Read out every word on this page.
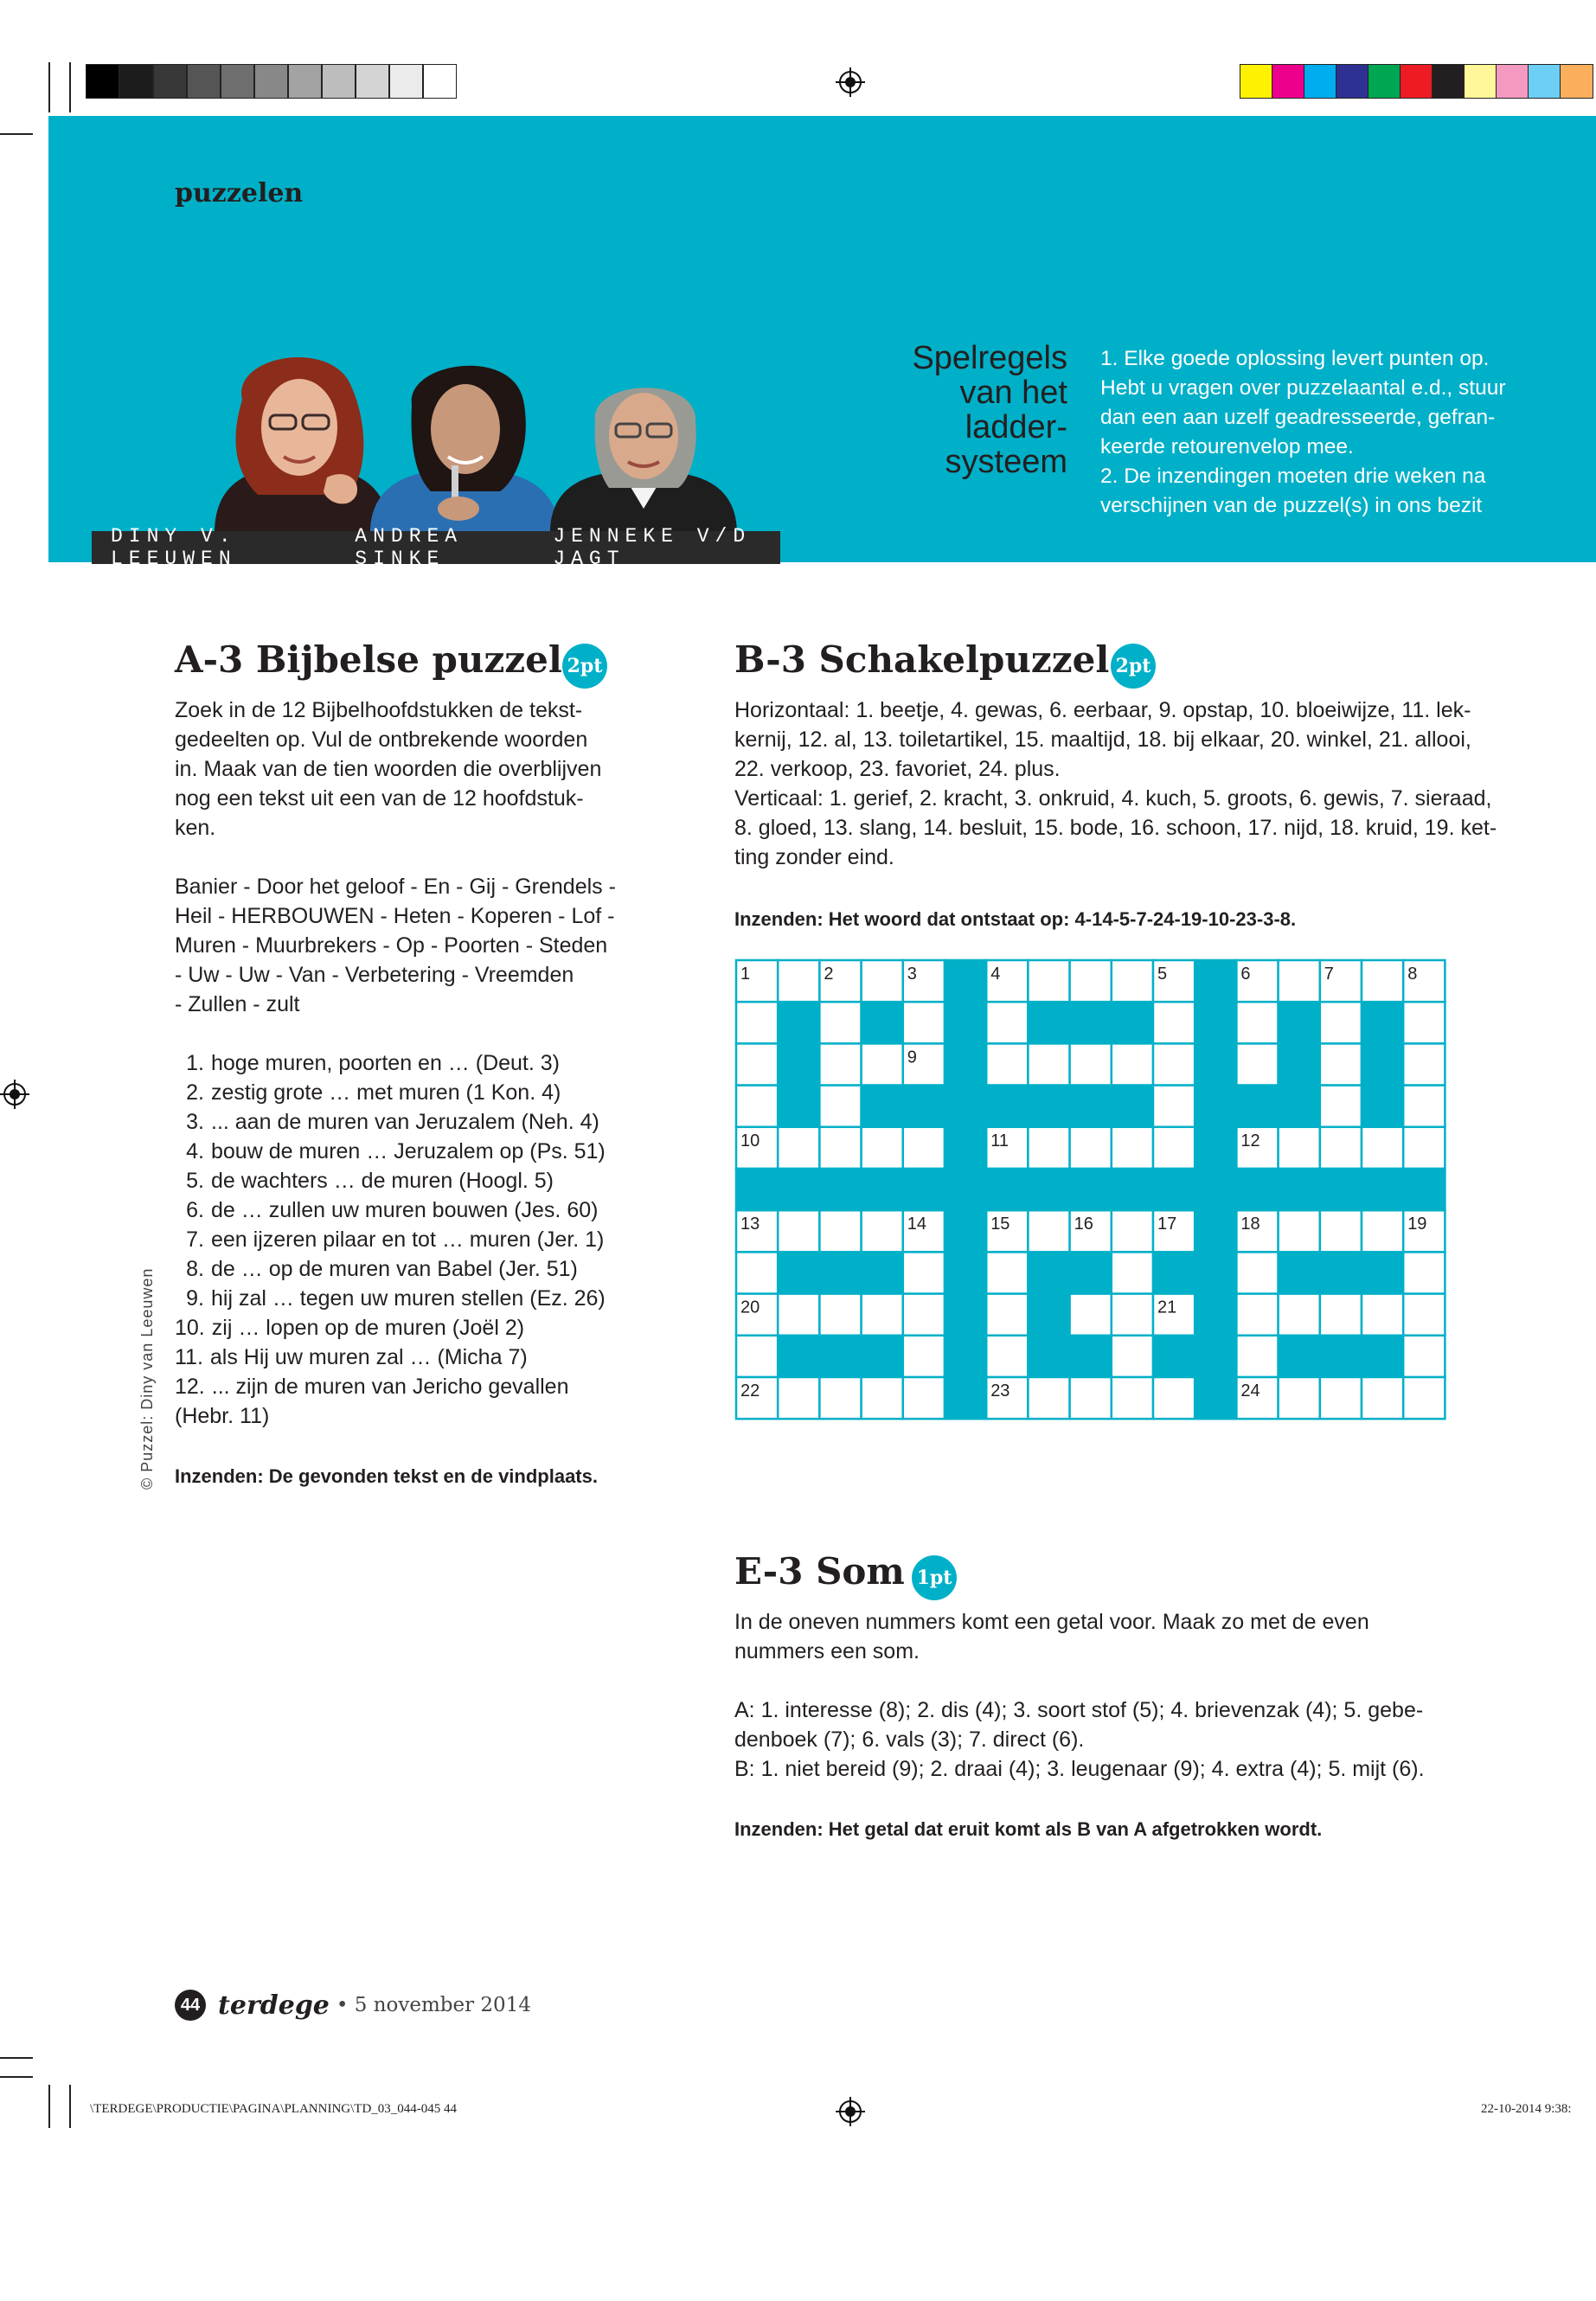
puzzelen
DINY V. LEEUWEN
ANDREA SINKE
JENNEKE V/D JAGT
Spelregels
van het
ladder-
systeem
1. Elke goede oplossing levert punten op.
Hebt u vragen over puzzelaantal e.d., stuur
dan een aan uzelf geadresseerde, gefran-
keerde retourenvelop mee.
2. De inzendingen moeten drie weken na
verschijnen van de puzzel(s) in ons bezit
A-3 Bijbelse puzzel 2pt
Zoek in de 12 Bijbelhoofdstukken de tekst-
gedeelten op. Vul de ontbrekende woorden
in. Maak van de tien woorden die overblijven
nog een tekst uit een van de 12 hoofdstuk-
ken.
Banier - Door het geloof - En - Gij - Grendels -
Heil - HERBOUWEN - Heten - Koperen - Lof -
Muren - Muurbrekers - Op - Poorten - Steden
- Uw - Uw - Van - Verbetering - Vreemden
- Zullen - zult
1. hoge muren, poorten en … (Deut. 3)
2. zestig grote … met muren (1 Kon. 4)
3. ... aan de muren van Jeruzalem (Neh. 4)
4. bouw de muren … Jeruzalem op (Ps. 51)
5. de wachters … de muren (Hoogl. 5)
6. de … zullen uw muren bouwen (Jes. 60)
7. een ijzeren pilaar en tot … muren (Jer. 1)
8. de … op de muren van Babel (Jer. 51)
9. hij zal … tegen uw muren stellen (Ez. 26)
10. zij … lopen op de muren (Joël 2)
11. als Hij uw muren zal … (Micha 7)
12. ... zijn de muren van Jericho gevallen
(Hebr. 11)
Inzenden: De gevonden tekst en de vindplaats.
© Puzzel: Diny van Leeuwen
B-3 Schakelpuzzel 2pt
Horizontaal: 1. beetje, 4. gewas, 6. eerbaar, 9. opstap, 10. bloeiwijze, 11. lek-
kernij, 12. al, 13. toiletartikel, 15. maaltijd, 18. bij elkaar, 20. winkel, 21. allooi,
22. verkoop, 23. favoriet, 24. plus.
Verticaal: 1. gerief, 2. kracht, 3. onkruid, 4. kuch, 5. groots, 6. gewis, 7. sieraad,
8. gloed, 13. slang, 14. besluit, 15. bode, 16. schoon, 17. nijd, 18. kruid, 19. ket-
ting zonder eind.
Inzenden: Het woord dat ontstaat op: 4-14-5-7-24-19-10-23-3-8.
1	2	3	4	5	6	7	8
9
10	11	12
13	14	15	16	17	18	19
20	21
22	23	24
E-3 Som 1pt
In de oneven nummers komt een getal voor. Maak zo met de even
nummers een som.
A: 1. interesse (8); 2. dis (4); 3. soort stof (5); 4. brievenzak (4); 5. gebe-
denboek (7); 6. vals (3); 7. direct (6).
B: 1. niet bereid (9); 2. draai (4); 3. leugenaar (9); 4. extra (4); 5. mijt (6).
Inzenden: Het getal dat eruit komt als B van A afgetrokken wordt.
44 terdege • 5 november 2014
\TERDEGE\PRODUCTIE\PAGINA\PLANNING\TD_03_044-045 44	22-10-2014 9:38:
